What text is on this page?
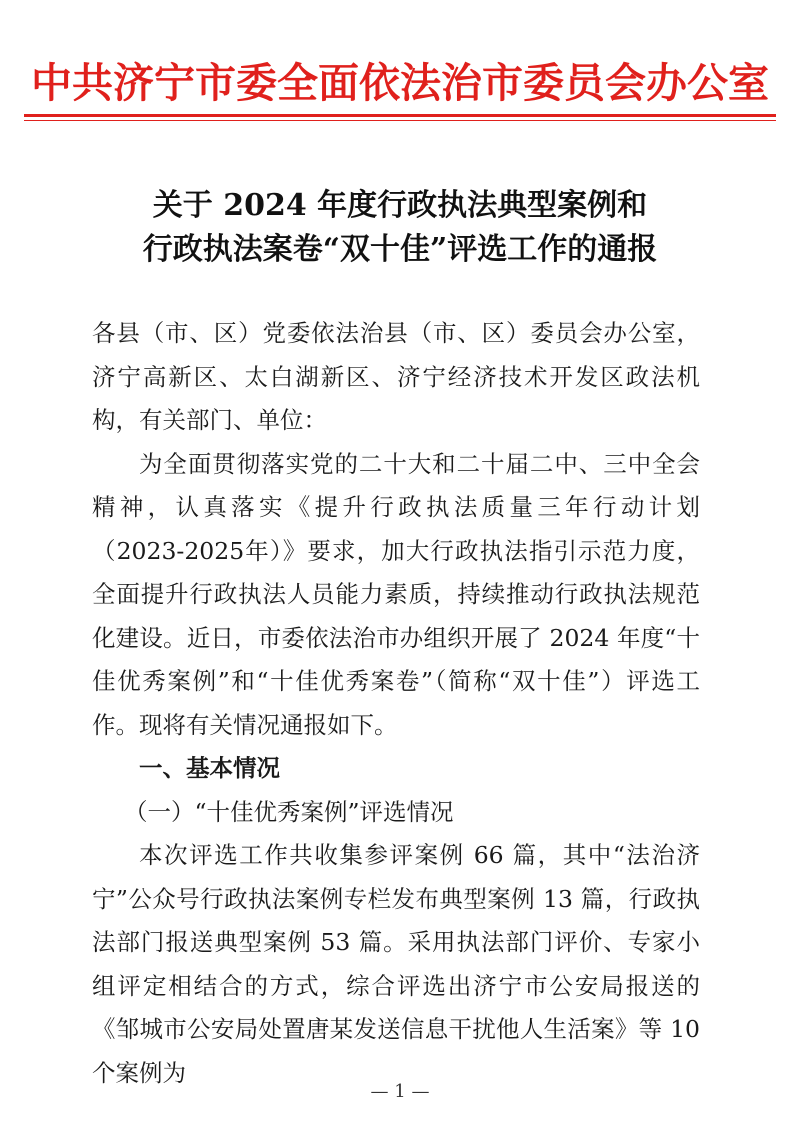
中共济宁市委全面依法治市委员会办公室
关于 2024 年度行政执法典型案例和
行政执法案卷“双十佳”评选工作的通报

各县（市、区）党委依法治县（市、区）委员会办公室，济宁高新区、太白湖新区、济宁经济技术开发区政法机构，有关部门、单位：

为全面贯彻落实党的二十大和二十届二中、三中全会精神，认真落实《提升行政执法质量三年行动计划（2023-2025年）》要求，加大行政执法指引示范力度，全面提升行政执法人员能力素质，持续推动行政执法规范化建设。近日，市委依法治市办组织开展了 2024 年度“十佳优秀案例”和“十佳优秀案卷”（简称“双十佳”）评选工作。现将有关情况通报如下。

一、基本情况

（一）“十佳优秀案例”评选情况

本次评选工作共收集参评案例 66 篇，其中“法治济宁”公众号行政执法案例专栏发布典型案例 13 篇，行政执法部门报送典型案例 53 篇。采用执法部门评价、专家小组评定相结合的方式，综合评选出济宁市公安局报送的《邹城市公安局处置唐某发送信息干扰他人生活案》等 10 个案例为

— 1 —
